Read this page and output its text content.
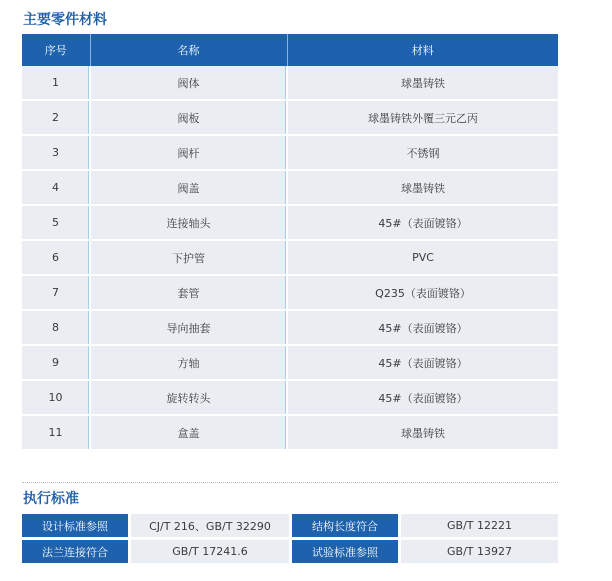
主要零件材料
序号	名称	材料
1	阀体	球墨铸铁
2	阀板	球墨铸铁外覆三元乙丙
3	阀杆	不锈钢
4	阀盖	球墨铸铁
5	连接轴头	45#（表面镀铬）
6	下护管	PVC
7	套管	Q235（表面镀铬）
8	导向抽套	45#（表面镀铬）
9	方轴	45#（表面镀铬）
10	旋转转头	45#（表面镀铬）
11	盒盖	球墨铸铁
执行标准
设计标准参照		CJ/T 216、GB/T 32290		结构长度符合		GB/T 12221
法兰连接符合		GB/T 17241.6		试验标准参照		GB/T 13927
